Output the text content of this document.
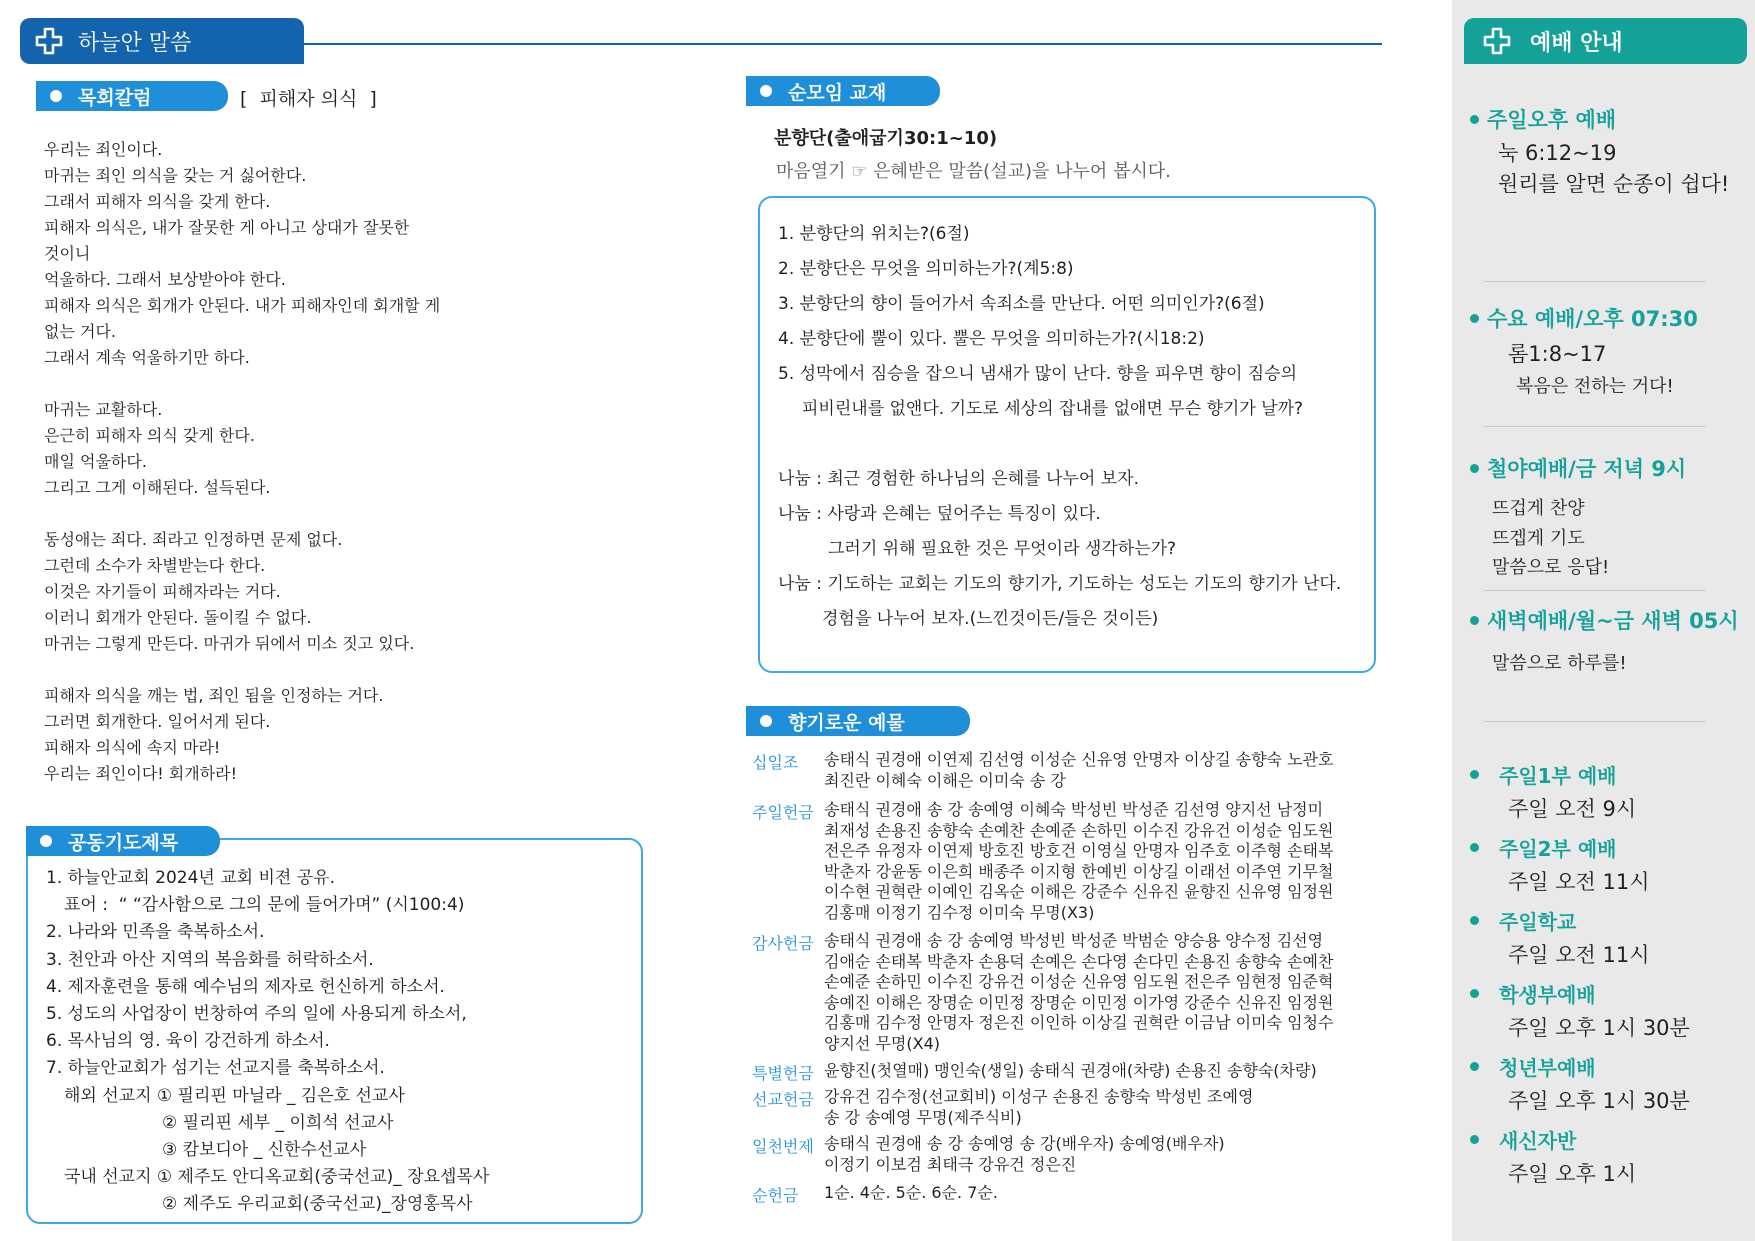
하늘안 말씀
목회칼럼	[  피해자 의식  ]
우리는 죄인이다.
마귀는 죄인 의식을 갖는 거 싫어한다.
그래서 피해자 의식을 갖게 한다.
피해자 의식은, 내가 잘못한 게 아니고 상대가 잘못한
것이니
억울하다. 그래서 보상받아야 한다.
피해자 의식은 회개가 안된다. 내가 피해자인데 회개할 게
없는 거다.
그래서 계속 억울하기만 하다.
마귀는 교활하다.
은근히 피해자 의식 갖게 한다.
매일 억울하다.
그리고 그게 이해된다. 설득된다.
동성애는 죄다. 죄라고 인정하면 문제 없다.
그런데 소수가 차별받는다 한다.
이것은 자기들이 피해자라는 거다.
이러니 회개가 안된다. 돌이킬 수 없다.
마귀는 그렇게 만든다. 마귀가 뒤에서 미소 짓고 있다.
피해자 의식을 깨는 법, 죄인 됨을 인정하는 거다.
그러면 회개한다. 일어서게 된다.
피해자 의식에 속지 마라!
우리는 죄인이다! 회개하라!
공동기도제목
1. 하늘안교회 2024년 교회 비젼 공유.
표어 :  “ “감사함으로 그의 문에 들어가며” (시100:4)
2. 나라와 민족을 축복하소서.
3. 천안과 아산 지역의 복음화를 허락하소서.
4. 제자훈련을 통해 예수님의 제자로 헌신하게 하소서.
5. 성도의 사업장이 번창하여 주의 일에 사용되게 하소서,
6. 목사님의 영. 육이 강건하게 하소서.
7. 하늘안교회가 섬기는 선교지를 축복하소서.
해외 선교지 ① 필리핀 마닐라 _ 김은호 선교사
② 필리핀 세부 _ 이희석 선교사
③ 캄보디아 _ 신한수선교사
국내 선교지 ① 제주도 안디옥교회(중국선교)_ 장요셉목사
② 제주도 우리교회(중국선교)_장영홍목사
순모임 교재
분향단(출애굽기30:1~10)
마음열기 ☞ 은혜받은 말씀(설교)을 나누어 봅시다.
1. 분향단의 위치는?(6절)
2. 분향단은 무엇을 의미하는가?(계5:8)
3. 분향단의 향이 들어가서 속죄소를 만난다. 어떤 의미인가?(6절)
4. 분향단에 뿔이 있다. 뿔은 무엇을 의미하는가?(시18:2)
5. 성막에서 짐승을 잡으니 냄새가 많이 난다. 향을 피우면 향이 짐승의
피비린내를 없앤다. 기도로 세상의 잡내를 없애면 무슨 향기가 날까?
나눔 : 최근 경험한 하나님의 은혜를 나누어 보자.
나눔 : 사랑과 은혜는 덮어주는 특징이 있다.
그러기 위해 필요한 것은 무엇이라 생각하는가?
나눔 : 기도하는 교회는 기도의 향기가, 기도하는 성도는 기도의 향기가 난다.
경험을 나누어 보자.(느낀것이든/들은 것이든)
향기로운 예물
십일조 송태식 권경애 이연제 김선영 이성순 신유영 안명자 이상길 송향숙 노관호
최진란 이혜숙 이해은 이미숙 송 강
주일헌금 송태식 권경애 송 강 송예영 이혜숙 박성빈 박성준 김선영 양지선 남정미
최재성 손용진 송향숙 손예찬 손예준 손하민 이수진 강유건 이성순 임도원
전은주 유정자 이연제 방호진 방호건 이영실 안명자 임주호 이주형 손태복
박춘자 강윤동 이은희 배종주 이지형 한예빈 이상길 이래선 이주연 기무철
이수현 권혁란 이예인 김옥순 이해은 강준수 신유진 윤향진 신유영 임정원
김홍매 이정기 김수정 이미숙 무명(X3)
감사헌금 송태식 권경애 송 강 송예영 박성빈 박성준 박범순 양승용 양수정 김선영
김애순 손태복 박춘자 손용덕 손예은 손다영 손다민 손용진 송향숙 손예찬
손예준 손하민 이수진 강유건 이성순 신유영 임도원 전은주 임현정 임준혁
송예진 이해은 장명순 이민정 장명순 이민정 이가영 강준수 신유진 임정원
김홍매 김수정 안명자 정은진 이인하 이상길 권혁란 이금남 이미숙 임청수
양지선 무명(X4)
특별헌금 윤향진(첫열매) 맹인숙(생일) 송태식 권경애(차량) 손용진 송향숙(차량)
선교헌금 강유건 김수정(선교회비) 이성구 손용진 송향숙 박성빈 조예영
송 강 송예영 무명(제주식비)
일천번제 송태식 권경애 송 강 송예영 송 강(배우자) 송예영(배우자)
이정기 이보검 최태극 강유건 정은진
순헌금 1순. 4순. 5순. 6순. 7순.
예배 안내
주일오후 예배
눅 6:12~19
원리를 알면 순종이 쉽다!
수요 예배/오후 07:30
롬1:8~17
복음은 전하는 거다!
철야예배/금 저녁 9시
뜨겁게 찬양
뜨겝게 기도
말씀으로 응답!
새벽예배/월~금 새벽 05시
말씀으로 하루를!
주일1부 예배
주일 오전 9시
주일2부 예배
주일 오전 11시
주일학교
주일 오전 11시
학생부예배
주일 오후 1시 30분
청년부예배
주일 오후 1시 30분
새신자반
주일 오후 1시
